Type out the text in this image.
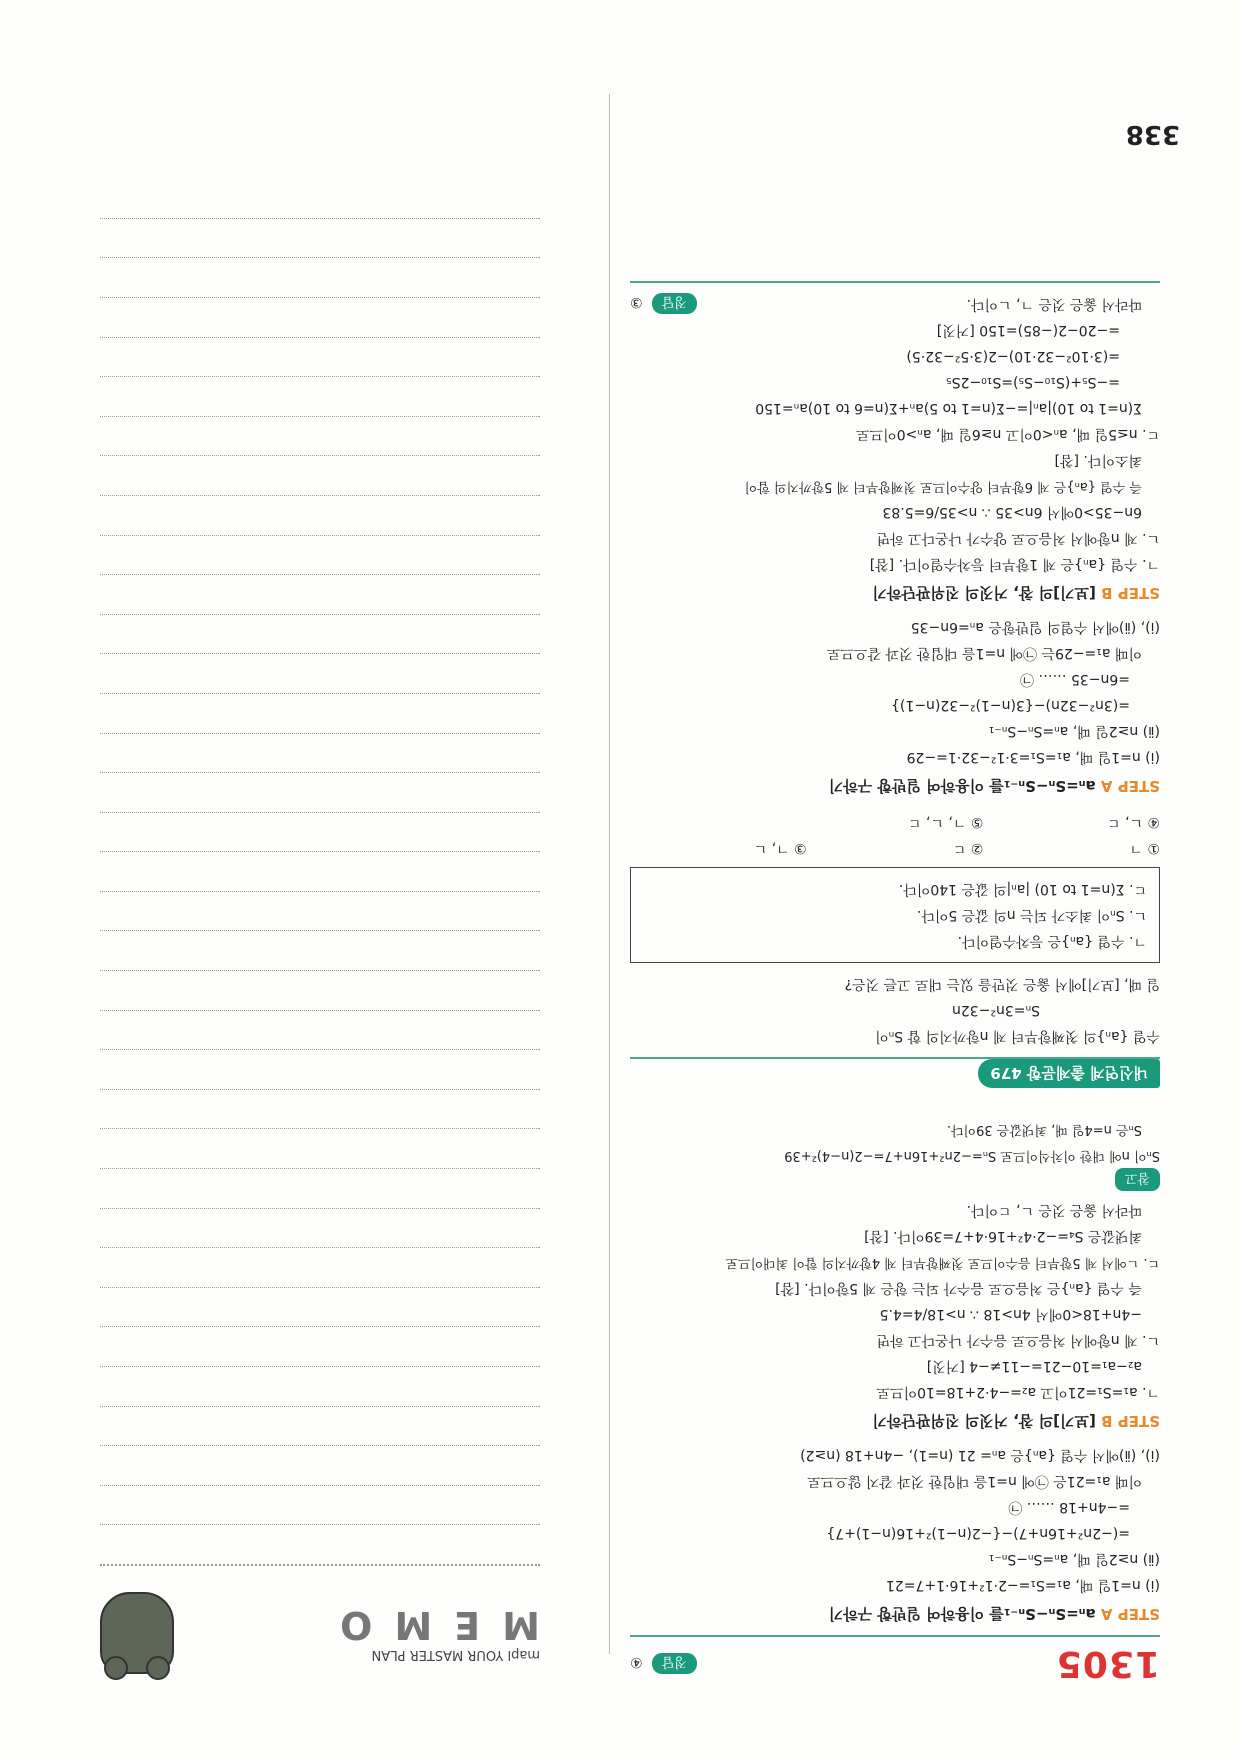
338
1305
정답 ④
STEP A aₙ=Sₙ−Sₙ₋₁를 이용하여 일반항 구하기
(ⅰ) n=1일 때, a₁=S₁=−2·1²+16·1+7=21
(ⅱ) n≥2일 때, aₙ=Sₙ−Sₙ₋₁
=(−2n²+16n+7)−{−2(n−1)²+16(n−1)+7}
=−4n+18 …… ㉠
이때 a₁=21은 ㉠에 n=1을 대입한 것과 같지 않으므로
(ⅰ), (ⅱ)에서 수열 {aₙ}은 aₙ= 21 (n=1), −4n+18 (n≥2)
STEP B [보기]의 참, 거짓의 진위판단하기
ㄱ. a₁=S₁=21이고 a₂=−4·2+18=10이므로
a₂−a₁=10−21=−11≠−4 [거짓]
ㄴ. 제 n항에서 처음으로 음수가 나온다고 하면
−4n+18<0에서 4n>18 ∴ n>18/4=4.5
즉 수열 {aₙ}은 처음으로 음수가 되는 항은 제 5항이다. [참]
ㄷ. ㄴ에서 제 5항부터 음수이므로 첫째항부터 제 4항까지의 합이 최대이므로
최댓값은 S₄=−2·4²+16·4+7=39이다. [참]
따라서 옳은 것은 ㄴ, ㄷ이다.
참고
Sₙ이 n에 대한 이차식이므로 Sₙ=−2n²+16n+7=−2(n−4)²+39
Sₙ은 n=4일 때, 최댓값은 39이다.
내신연계 출제문항 479
수열 {aₙ}의 첫째항부터 제 n항까지의 합 Sₙ이
Sₙ=3n²−32n
일 때, [보기]에서 옳은 것만을 있는 대로 고른 것은?
ㄱ. 수열 {aₙ}은 등차수열이다.
ㄴ. Sₙ이 최소가 되는 n의 값은 5이다.
ㄷ. Σ(n=1 to 10) |aₙ|의 값은 140이다.
① ㄱ
② ㄷ
③ ㄱ, ㄴ
④ ㄴ, ㄷ
⑤ ㄱ, ㄴ, ㄷ
STEP A aₙ=Sₙ−Sₙ₋₁를 이용하여 일반항 구하기
(ⅰ) n=1일 때, a₁=S₁=3·1²−32·1=−29
(ⅱ) n≥2일 때, aₙ=Sₙ−Sₙ₋₁
=(3n²−32n)−{3(n−1)²−32(n−1)}
=6n−35 …… ㉠
이때 a₁=−29는 ㉠에 n=1을 대입한 것과 같으므로
(ⅰ), (ⅱ)에서 수열의 일반항은 aₙ=6n−35
STEP B [보기]의 참, 거짓의 진위판단하기
ㄱ. 수열 {aₙ}은 제 1항부터 등차수열이다. [참]
ㄴ. 제 n항에서 처음으로 양수가 나온다고 하면
6n−35>0에서 6n>35 ∴ n>35/6=5.83
즉 수열 {aₙ}은 제 6항부터 양수이므로 첫째항부터 제 5항까지의 합이
최소이다. [참]
ㄷ. n≤5일 때, aₙ<0이고 n≥6일 때, aₙ>0이므로
Σ(n=1 to 10)|aₙ|=−Σ(n=1 to 5)aₙ+Σ(n=6 to 10)aₙ=150
=−S₅+(S₁₀−S₅)=S₁₀−2S₅
=(3·10²−32·10)−2(3·5²−32·5)
=−20−2(−85)=150 [거짓]
따라서 옳은 것은 ㄱ, ㄴ이다.
정답 ③
mapl YOUR MASTER PLAN
MEMO
